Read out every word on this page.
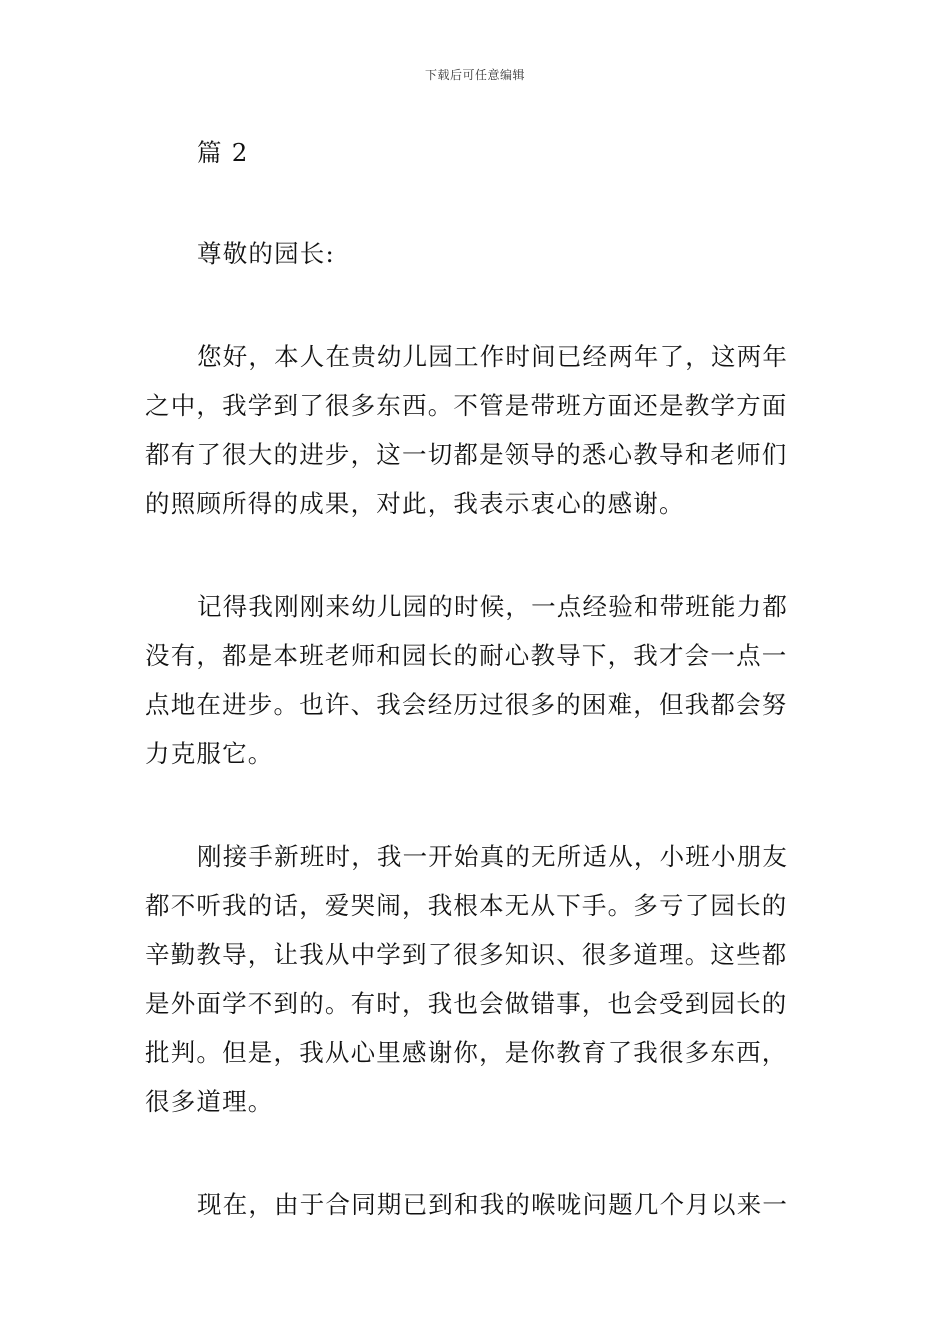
下载后可任意编辑
篇 2
尊敬的园长:
您好，本人在贵幼儿园工作时间已经两年了，这两年
之中，我学到了很多东西。不管是带班方面还是教学方面
都有了很大的进步，这一切都是领导的悉心教导和老师们
的照顾所得的成果，对此，我表示衷心的感谢。
记得我刚刚来幼儿园的时候，一点经验和带班能力都
没有，都是本班老师和园长的耐心教导下，我才会一点一
点地在进步。也许、我会经历过很多的困难，但我都会努
力克服它。
刚接手新班时，我一开始真的无所适从，小班小朋友
都不听我的话，爱哭闹，我根本无从下手。多亏了园长的
辛勤教导，让我从中学到了很多知识、很多道理。这些都
是外面学不到的。有时，我也会做错事，也会受到园长的
批判。但是，我从心里感谢你，是你教育了我很多东西，
很多道理。
现在，由于合同期已到和我的喉咙问题几个月以来一
